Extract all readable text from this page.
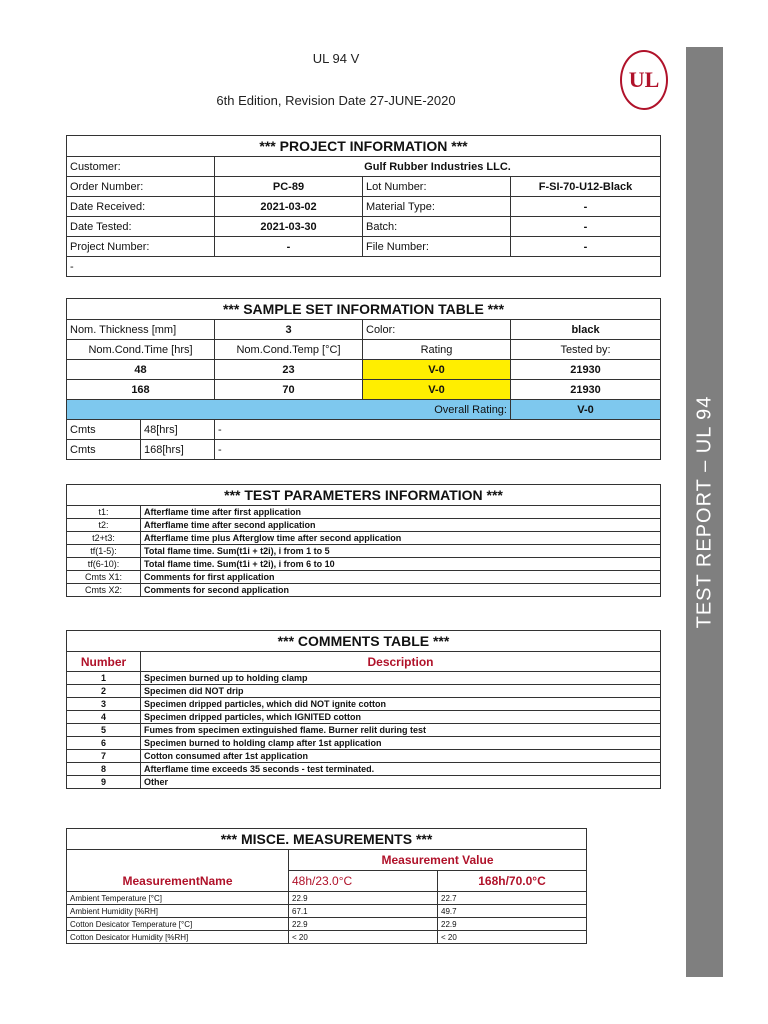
UL 94 V
6th Edition, Revision Date 27-JUNE-2020
UL
TEST REPORT – UL 94
*** PROJECT INFORMATION ***			
Customer:	Gulf Rubber Industries LLC.		
Order Number:	PC-89	Lot Number:	F-SI-70-U12-Black
Date Received:	2021-03-02	Material Type:	-
Date Tested:	2021-03-30	Batch:	-
Project Number:	-	File Number:	-
-			
*** SAMPLE SET INFORMATION TABLE ***				
Nom. Thickness [mm]		3	Color:	black
Nom.Cond.Time [hrs]		Nom.Cond.Temp [°C]	Rating	Tested by:
48		23	V-0	21930
168		70	V-0	21930
Overall Rating:				V-0
Cmts	48[hrs]	-		
Cmts	168[hrs]	-		
*** TEST PARAMETERS INFORMATION ***	
t1:	Afterflame time after first application
t2:	Afterflame time after second application
t2+t3:	Afterflame time plus Afterglow time after second application
tf(1-5):	Total flame time. Sum(t1i + t2i), i from 1 to 5
tf(6-10):	Total flame time. Sum(t1i + t2i), i from 6 to 10
Cmts X1:	Comments for first application
Cmts X2:	Comments for second application
*** COMMENTS TABLE ***	
Number	Description
1	Specimen burned up to holding clamp
2	Specimen did NOT drip
3	Specimen dripped particles, which did NOT ignite cotton
4	Specimen dripped particles, which IGNITED cotton
5	Fumes from specimen extinguished flame. Burner relit during test
6	Specimen burned to holding clamp after 1st application
7	Cotton consumed after 1st application
8	Afterflame time exceeds 35 seconds - test terminated.
9	Other
*** MISCE. MEASUREMENTS ***		
	Measurement Value	
MeasurementName	48h/23.0°C	168h/70.0°C
Ambient Temperature [°C]	22.9	22.7
Ambient Humidity [%RH]	67.1	49.7
Cotton Desicator Temperature [°C]	22.9	22.9
Cotton Desicator Humidity [%RH]	< 20	< 20
